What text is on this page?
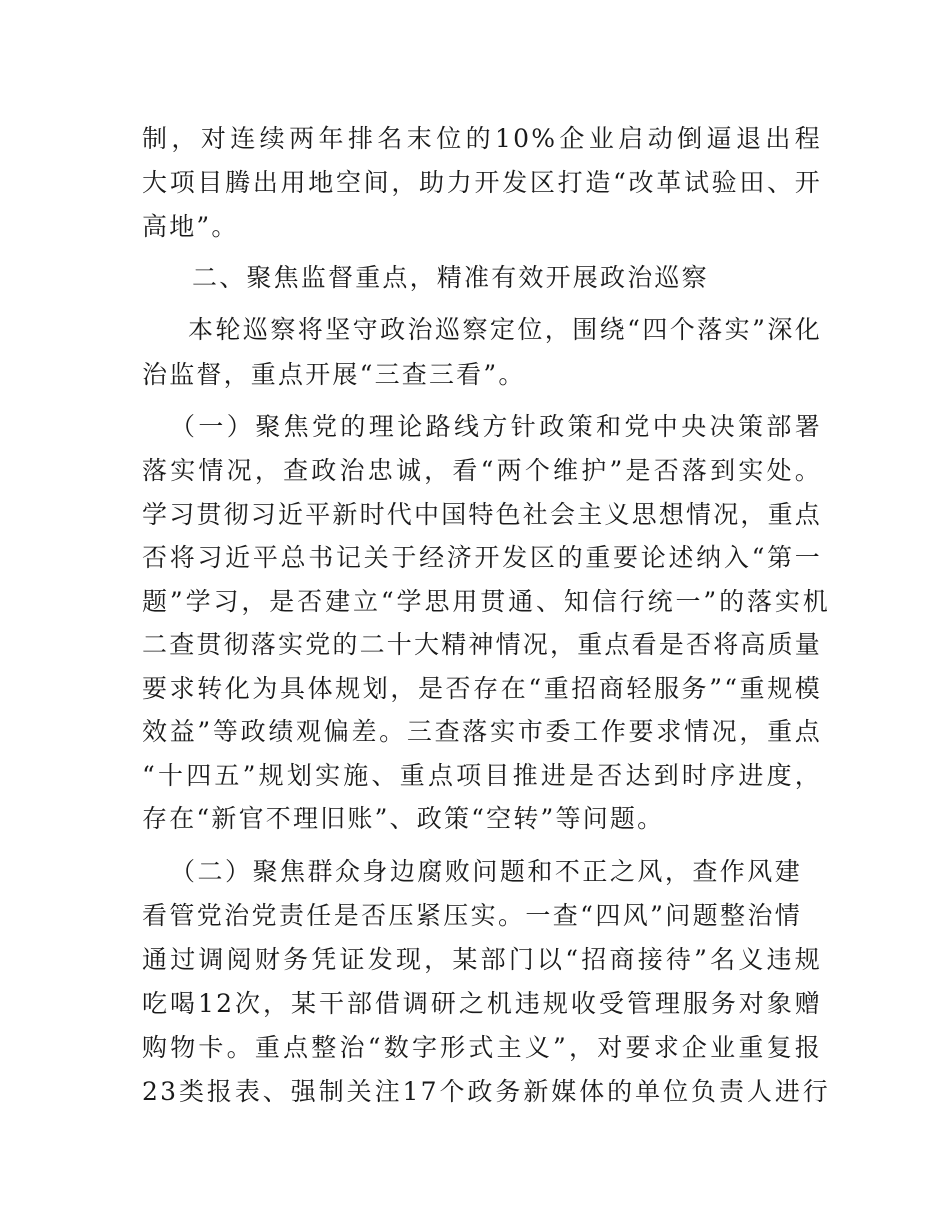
制，对连续两年排名末位的10%企业启动倒逼退出程
大项目腾出用地空间，助力开发区打造“改革试验田、开
高地”。
二、聚焦监督重点，精准有效开展政治巡察
本轮巡察将坚守政治巡察定位，围绕“四个落实”深化
治监督，重点开展“三查三看”。
（一）聚焦党的理论路线方针政策和党中央决策部署
落实情况，查政治忠诚，看“两个维护”是否落到实处。
学习贯彻习近平新时代中国特色社会主义思想情况，重点
否将习近平总书记关于经济开发区的重要论述纳入“第一
题”学习，是否建立“学思用贯通、知信行统一”的落实机
二查贯彻落实党的二十大精神情况，重点看是否将高质量
要求转化为具体规划，是否存在“重招商轻服务”“重规模
效益”等政绩观偏差。三查落实市委工作要求情况，重点
“十四五”规划实施、重点项目推进是否达到时序进度，
存在“新官不理旧账”、政策“空转”等问题。
（二）聚焦群众身边腐败问题和不正之风，查作风建
看管党治党责任是否压紧压实。一查“四风”问题整治情
通过调阅财务凭证发现，某部门以“招商接待”名义违规
吃喝12次，某干部借调研之机违规收受管理服务对象赠
购物卡。重点整治“数字形式主义”，对要求企业重复报
23类报表、强制关注17个政务新媒体的单位负责人进行
